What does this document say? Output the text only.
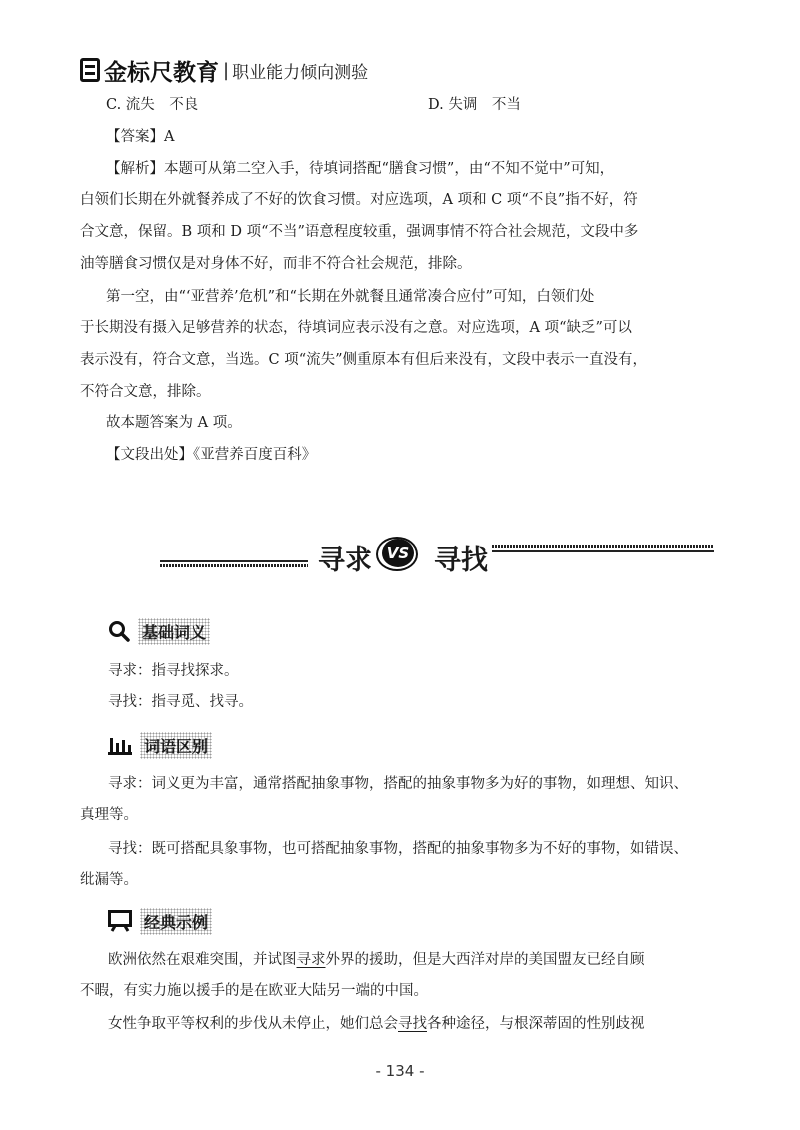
金标尺教育 | 职业能力倾向测验
C. 流失　不良	D. 失调　不当
【答案】A
【解析】本题可从第二空入手，待填词搭配“膳食习惯”，由“不知不觉中”可知，
白领们长期在外就餐养成了不好的饮食习惯。对应选项，A 项和 C 项“不良”指不好，符
合文意，保留。B 项和 D 项“不当”语意程度较重，强调事情不符合社会规范，文段中多
油等膳食习惯仅是对身体不好，而非不符合社会规范，排除。
第一空，由“‘亚营养’危机”和“长期在外就餐且通常凑合应付”可知，白领们处
于长期没有摄入足够营养的状态，待填词应表示没有之意。对应选项，A 项“缺乏”可以
表示没有，符合文意，当选。C 项“流失”侧重原本有但后来没有，文段中表示一直没有，
不符合文意，排除。
故本题答案为 A 项。
【文段出处】《亚营养百度百科》
寻求 VS 寻找
基础词义
寻求：指寻找探求。
寻找：指寻觅、找寻。
词语区别
寻求：词义更为丰富，通常搭配抽象事物，搭配的抽象事物多为好的事物，如理想、知识、
真理等。
寻找：既可搭配具象事物，也可搭配抽象事物，搭配的抽象事物多为不好的事物，如错误、
纰漏等。
经典示例
欧洲依然在艰难突围，并试图寻求外界的援助，但是大西洋对岸的美国盟友已经自顾
不暇，有实力施以援手的是在欧亚大陆另一端的中国。
女性争取平等权利的步伐从未停止，她们总会寻找各种途径，与根深蒂固的性别歧视
- 134 -
